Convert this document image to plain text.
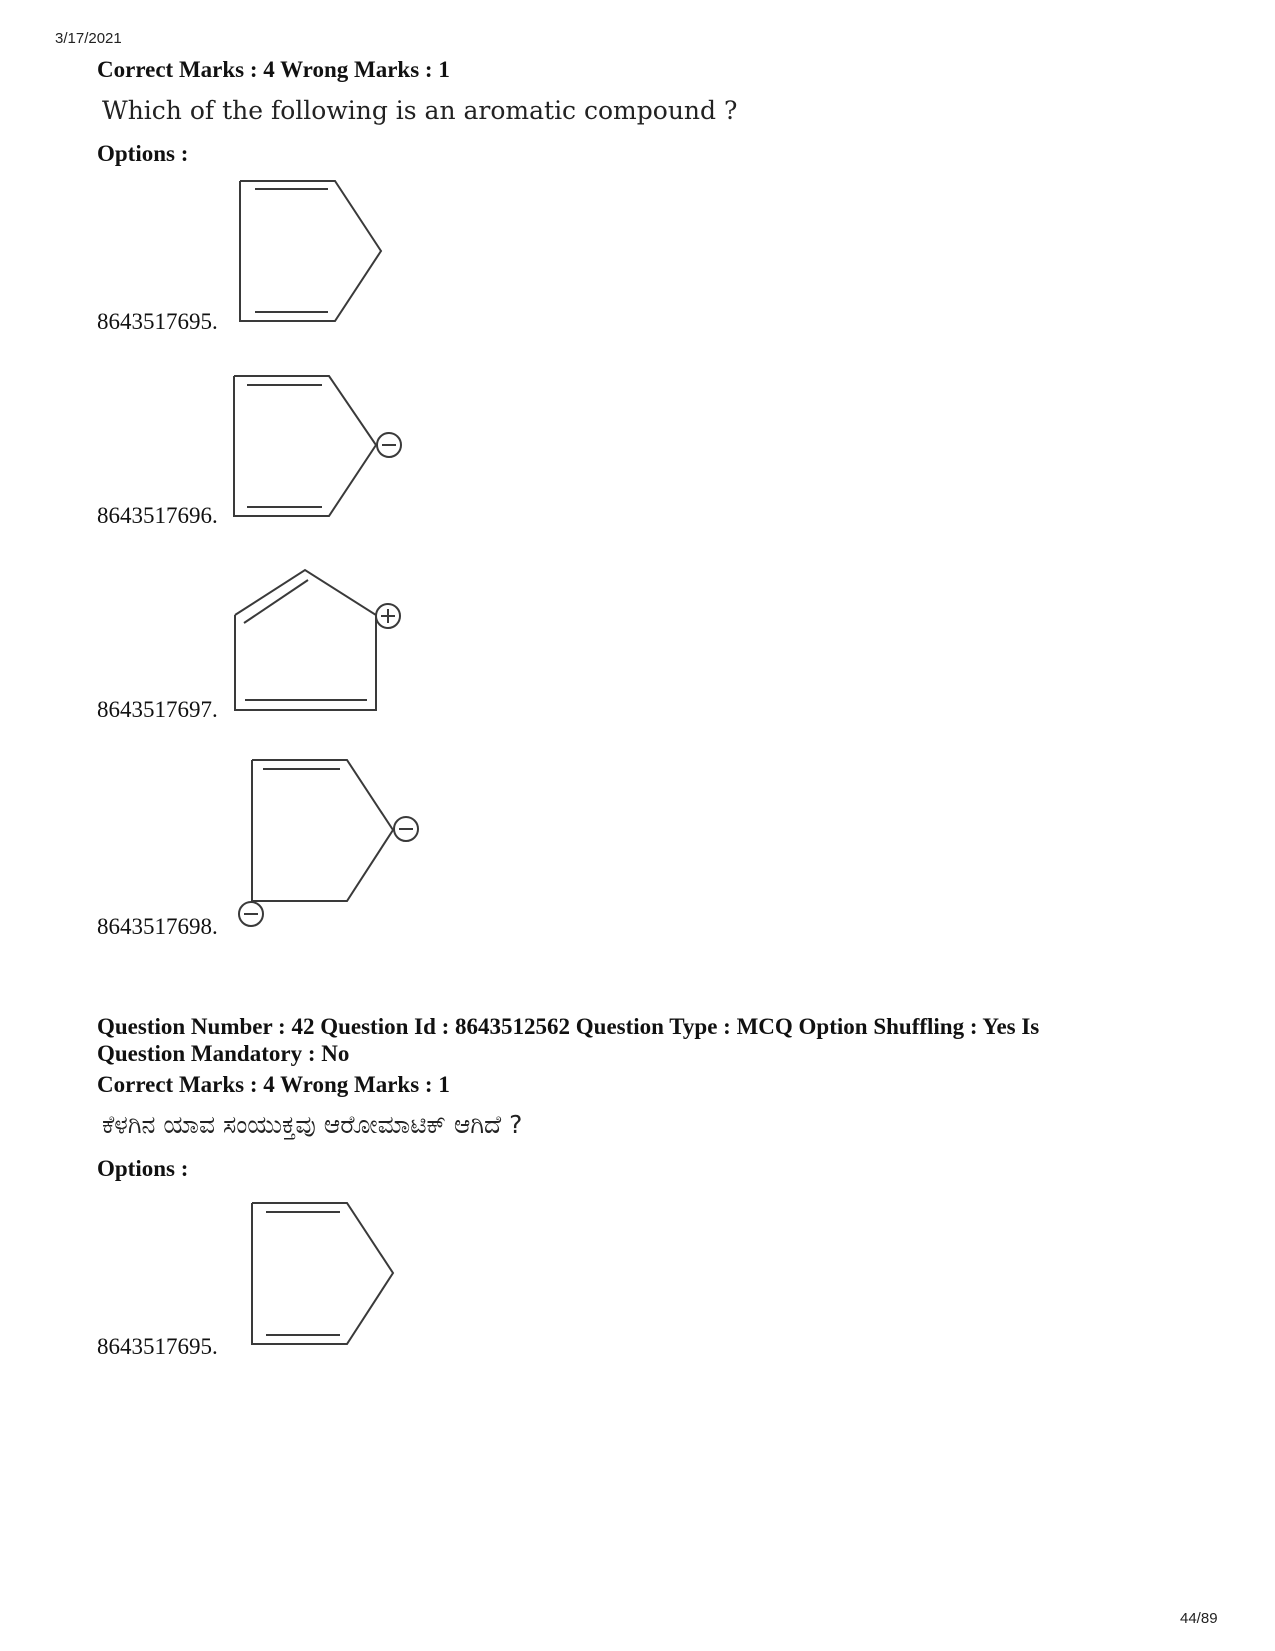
3/17/2021
Correct Marks : 4 Wrong Marks : 1
Which of the following is an aromatic compound ?
Options :
8643517695.
8643517696.
8643517697.
8643517698.
Question Number : 42 Question Id : 8643512562 Question Type : MCQ Option Shuffling : Yes Is
Question Mandatory : No
Correct Marks : 4 Wrong Marks : 1
ಕೆಳಗಿನ ಯಾವ ಸಂಯುಕ್ತವು ಆರೋಮಾಟಿಕ್ ಆಗಿದೆ ?
Options :
8643517695.
44/89
